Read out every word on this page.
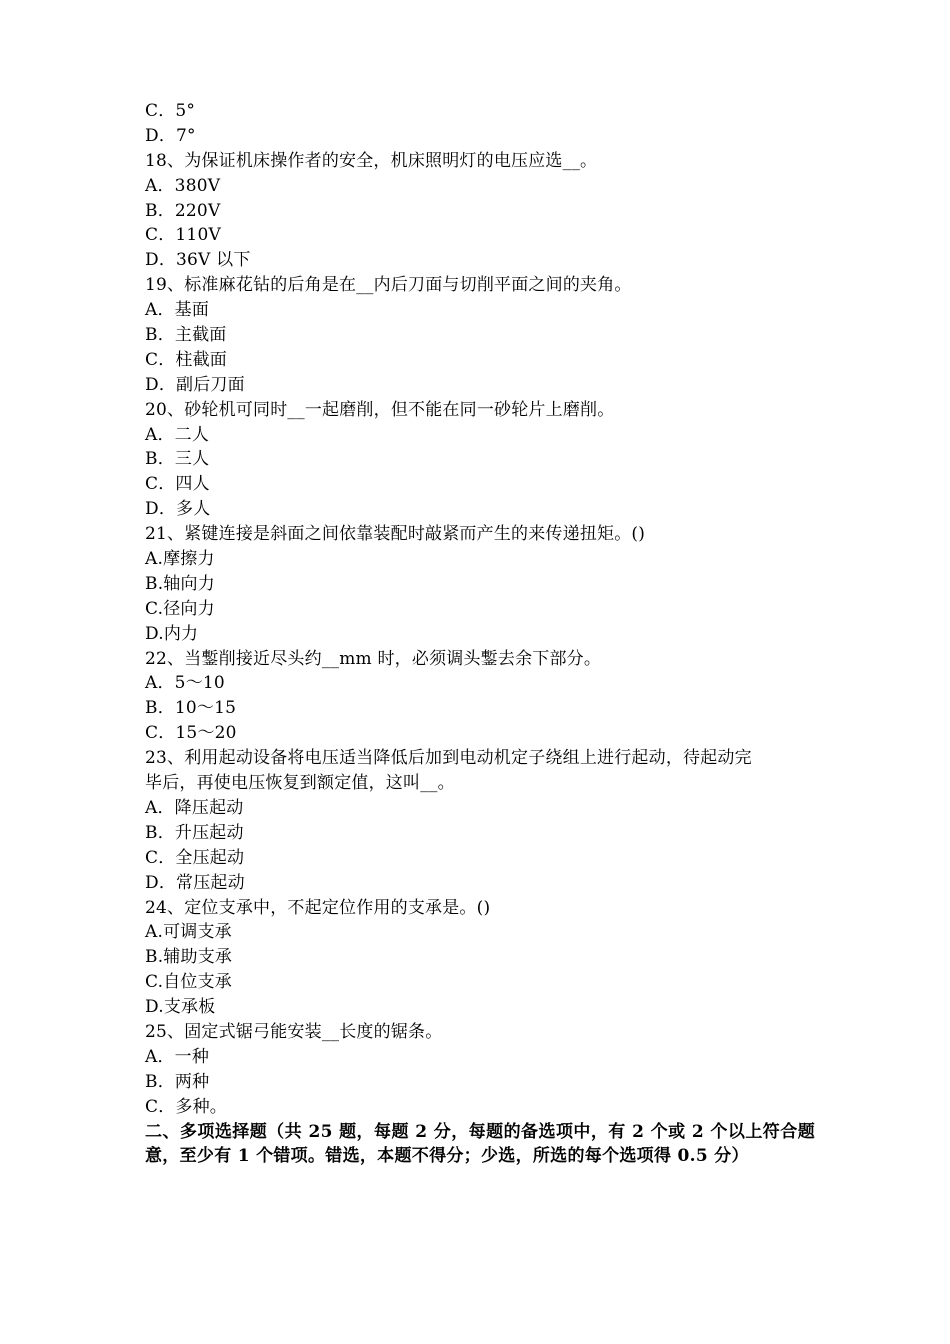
C．5°
D．7°
18、为保证机床操作者的安全，机床照明灯的电压应选__。
A．380V
B．220V
C．110V
D．36V 以下
19、标准麻花钻的后角是在__内后刀面与切削平面之间的夹角。
A．基面
B．主截面
C．柱截面
D．副后刀面
20、砂轮机可同时__一起磨削，但不能在同一砂轮片上磨削。
A．二人
B．三人
C．四人
D．多人
21、紧键连接是斜面之间依靠装配时敲紧而产生的来传递扭矩。()
A.摩擦力
B.轴向力
C.径向力
D.内力
22、当鏨削接近尽头约__mm 时，必须调头鏨去余下部分。
A．5～10
B．10～15
C．15～20
23、利用起动设备将电压适当降低后加到电动机定子绕组上进行起动，待起动完
毕后，再使电压恢复到额定值，这叫__。
A．降压起动
B．升压起动
C．全压起动
D．常压起动
24、定位支承中，不起定位作用的支承是。()
A.可调支承
B.辅助支承
C.自位支承
D.支承板
25、固定式锯弓能安装__长度的锯条。
A．一种
B．两种
C．多种。
二、多项选择题（共 25 题，每题 2 分，每题的备选项中，有 2 个或 2 个以上符合题意，至少有 1 个错项。错选，本题不得分；少选，所选的每个选项得 0.5 分）
